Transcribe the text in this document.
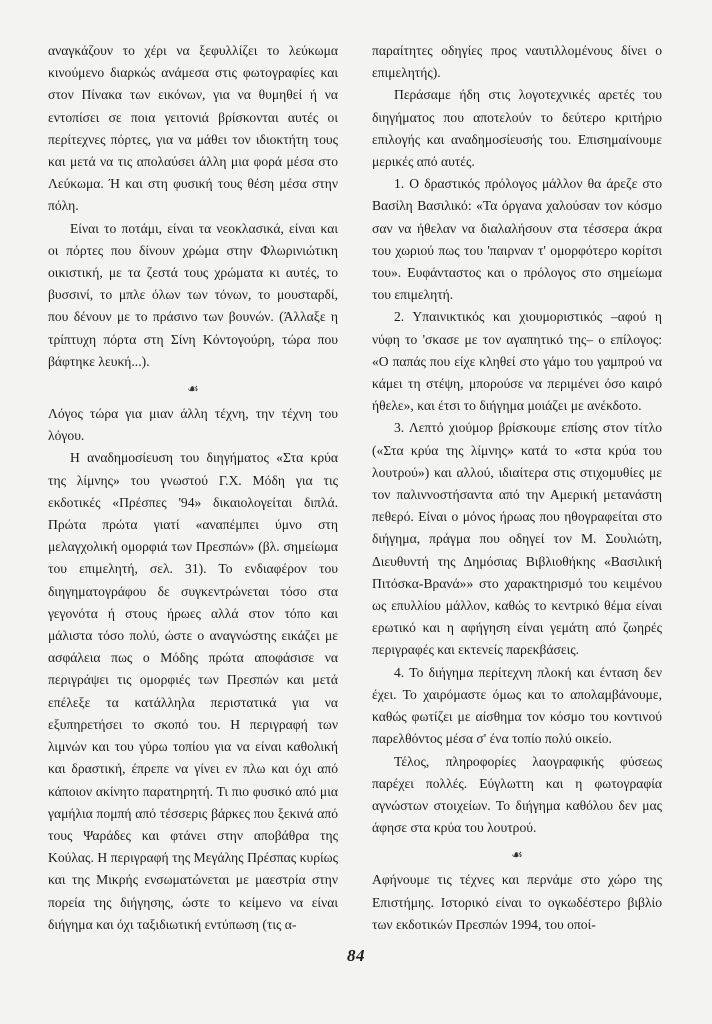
αναγκάζουν το χέρι να ξεφυλλίζει το λεύκωμα κινούμενο διαρκώς ανάμεσα στις φωτογραφίες και στον Πίνακα των εικόνων, για να θυμηθεί ή να εντοπίσει σε ποια γειτονιά βρίσκονται αυτές οι περίτεχνες πόρτες, για να μάθει τον ιδιοκτήτη τους και μετά να τις απολαύσει άλλη μια φορά μέσα στο Λεύκωμα. Ή και στη φυσική τους θέση μέσα στην πόλη.

Είναι το ποτάμι, είναι τα νεοκλασικά, είναι και οι πόρτες που δίνουν χρώμα στην Φλωρινιώτικη οικιστική, με τα ζεστά τους χρώματα κι αυτές, το βυσσινί, το μπλε όλων των τόνων, το μουσταρδί, που δένουν με το πράσινο των βουνών. (Άλλαξε η τρίπτυχη πόρτα στη Σίνη Κόντογούρη, τώρα που βάφτηκε λευκή...).

☙

Λόγος τώρα για μιαν άλλη τέχνη, την τέχνη του λόγου.

Η αναδημοσίευση του διηγήματος «Στα κρύα της λίμνης» του γνωστού Γ.Χ. Μόδη για τις εκδοτικές «Πρέσπες '94» δικαιολογείται διπλά. Πρώτα πρώτα γιατί «αναπέμπει ύμνο στη μελαγχολική ομορφιά των Πρεσπών» (βλ. σημείωμα του επιμελητή, σελ. 31). Το ενδιαφέρον του διηγηματογράφου δε συγκεντρώνεται τόσο στα γεγονότα ή στους ήρωες αλλά στον τόπο και μάλιστα τόσο πολύ, ώστε ο αναγνώστης εικάζει με ασφάλεια πως ο Μόδης πρώτα αποφάσισε να περιγράψει τις ομορφιές των Πρεσπών και μετά επέλεξε τα κατάλληλα περιστατικά για να εξυπηρετήσει το σκοπό του. Η περιγραφή των λιμνών και του γύρω τοπίου για να είναι καθολική και δραστική, έπρεπε να γίνει εν πλω και όχι από κάποιον ακίνητο παρατηρητή. Τι πιο φυσικό από μια γαμήλια πομπή από τέσσερις βάρκες που ξεκινά από τους Ψαράδες και φτάνει στην αποβάθρα της Κούλας. Η περιγραφή της Μεγάλης Πρέσπας κυρίως και της Μικρής ενσωματώνεται με μαεστρία στην πορεία της διήγησης, ώστε το κείμενο να είναι διήγημα και όχι ταξιδιωτική εντύπωση (τις α-

παραίτητες οδηγίες προς ναυτιλλομένους δίνει ο επιμελητής).

Περάσαμε ήδη στις λογοτεχνικές αρετές του διηγήματος που αποτελούν το δεύτερο κριτήριο επιλογής και αναδημοσίευσής του. Επισημαίνουμε μερικές από αυτές.

1. Ο δραστικός πρόλογος μάλλον θα άρεζε στο Βασίλη Βασιλικό: «Τα όργανα χαλούσαν τον κόσμο σαν να ήθελαν να διαλαλήσουν στα τέσσερα άκρα του χωριού πως του 'παιρναν τ' ομορφότερο κορίτσι του». Ευφάνταστος και ο πρόλογος στο σημείωμα του επιμελητή.

2. Υπαινικτικός και χιουμοριστικός –αφού η νύφη το 'σκασε με τον αγαπητικό της– ο επίλογος: «Ο παπάς που είχε κληθεί στο γάμο του γαμπρού να κάμει τη στέψη, μπορούσε να περιμένει όσο καιρό ήθελε», και έτσι το διήγημα μοιάζει με ανέκδοτο.

3. Λεπτό χιούμορ βρίσκουμε επίσης στον τίτλο («Στα κρύα της λίμνης» κατά το «στα κρύα του λουτρού») και αλλού, ιδιαίτερα στις στιχομυθίες με τον παλιννοστήσαντα από την Αμερική μετανάστη πεθερό. Είναι ο μόνος ήρωας που ηθογραφείται στο διήγημα, πράγμα που οδηγεί τον Μ. Σουλιώτη, Διευθυντή της Δημόσιας Βιβλιοθήκης «Βασιλική Πιτόσκα-Βρανά»» στο χαρακτηρισμό του κειμένου ως επυλλίου μάλλον, καθώς το κεντρικό θέμα είναι ερωτικό και η αφήγηση είναι γεμάτη από ζωηρές περιγραφές και εκτενείς παρεκβάσεις.

4. Το διήγημα περίτεχνη πλοκή και ένταση δεν έχει. Το χαιρόμαστε όμως και το απολαμβάνουμε, καθώς φωτίζει με αίσθημα τον κόσμο του κοντινού παρελθόντος μέσα σ' ένα τοπίο πολύ οικείο.

Τέλος, πληροφορίες λαογραφικής φύσεως παρέχει πολλές. Εύγλωττη και η φωτογραφία αγνώστων στοιχείων. Το διήγημα καθόλου δεν μας άφησε στα κρύα του λουτρού.

☙

Αφήνουμε τις τέχνες και περνάμε στο χώρο της Επιστήμης. Ιστορικό είναι το ογκωδέστερο βιβλίο των εκδοτικών Πρεσπών 1994, του οποί-

84
